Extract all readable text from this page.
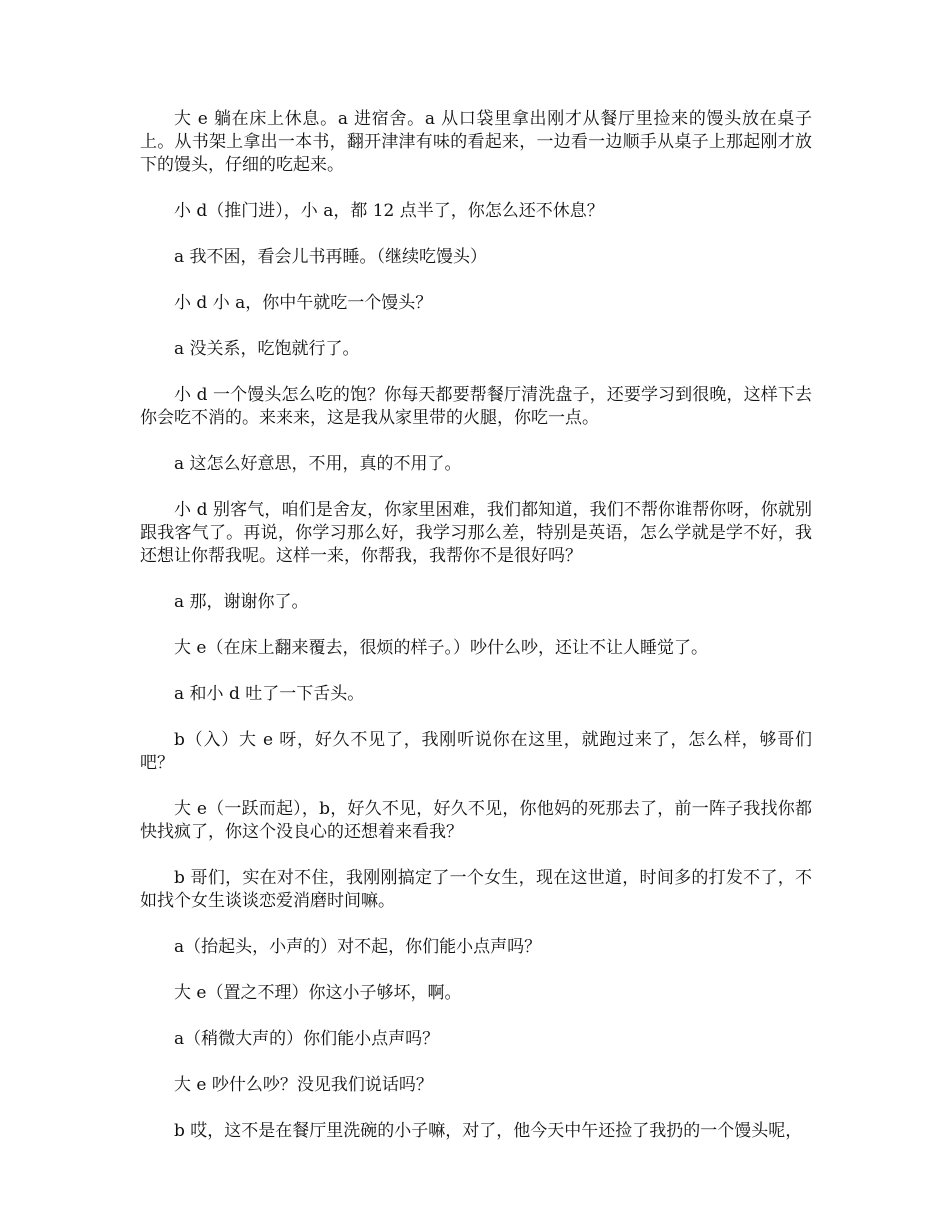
大 e 躺在床上休息。a 进宿舍。a 从口袋里拿出刚才从餐厅里捡来的馒头放在桌子上。从书架上拿出一本书，翻开津津有味的看起来，一边看一边顺手从桌子上那起刚才放下的馒头，仔细的吃起来。

小 d（推门进），小 a，都 12 点半了，你怎么还不休息？

a 我不困，看会儿书再睡。（继续吃馒头）

小 d 小 a，你中午就吃一个馒头？

a 没关系，吃饱就行了。

小 d 一个馒头怎么吃的饱？你每天都要帮餐厅清洗盘子，还要学习到很晚，这样下去你会吃不消的。来来来，这是我从家里带的火腿，你吃一点。

a 这怎么好意思，不用，真的不用了。

小 d 别客气，咱们是舍友，你家里困难，我们都知道，我们不帮你谁帮你呀，你就别跟我客气了。再说，你学习那么好，我学习那么差，特别是英语，怎么学就是学不好，我还想让你帮我呢。这样一来，你帮我，我帮你不是很好吗？

a 那，谢谢你了。

大 e（在床上翻来覆去，很烦的样子。）吵什么吵，还让不让人睡觉了。

a 和小 d 吐了一下舌头。

b（入）大 e 呀，好久不见了，我刚听说你在这里，就跑过来了，怎么样，够哥们吧？

大 e（一跃而起），b，好久不见，好久不见，你他妈的死那去了，前一阵子我找你都快找疯了，你这个没良心的还想着来看我？

b 哥们，实在对不住，我刚刚搞定了一个女生，现在这世道，时间多的打发不了，不如找个女生谈谈恋爱消磨时间嘛。

a（抬起头，小声的）对不起，你们能小点声吗？

大 e（置之不理）你这小子够坏，啊。

a（稍微大声的）你们能小点声吗？

大 e 吵什么吵？没见我们说话吗？

b 哎，这不是在餐厅里洗碗的小子嘛，对了，他今天中午还捡了我扔的一个馒头呢，
